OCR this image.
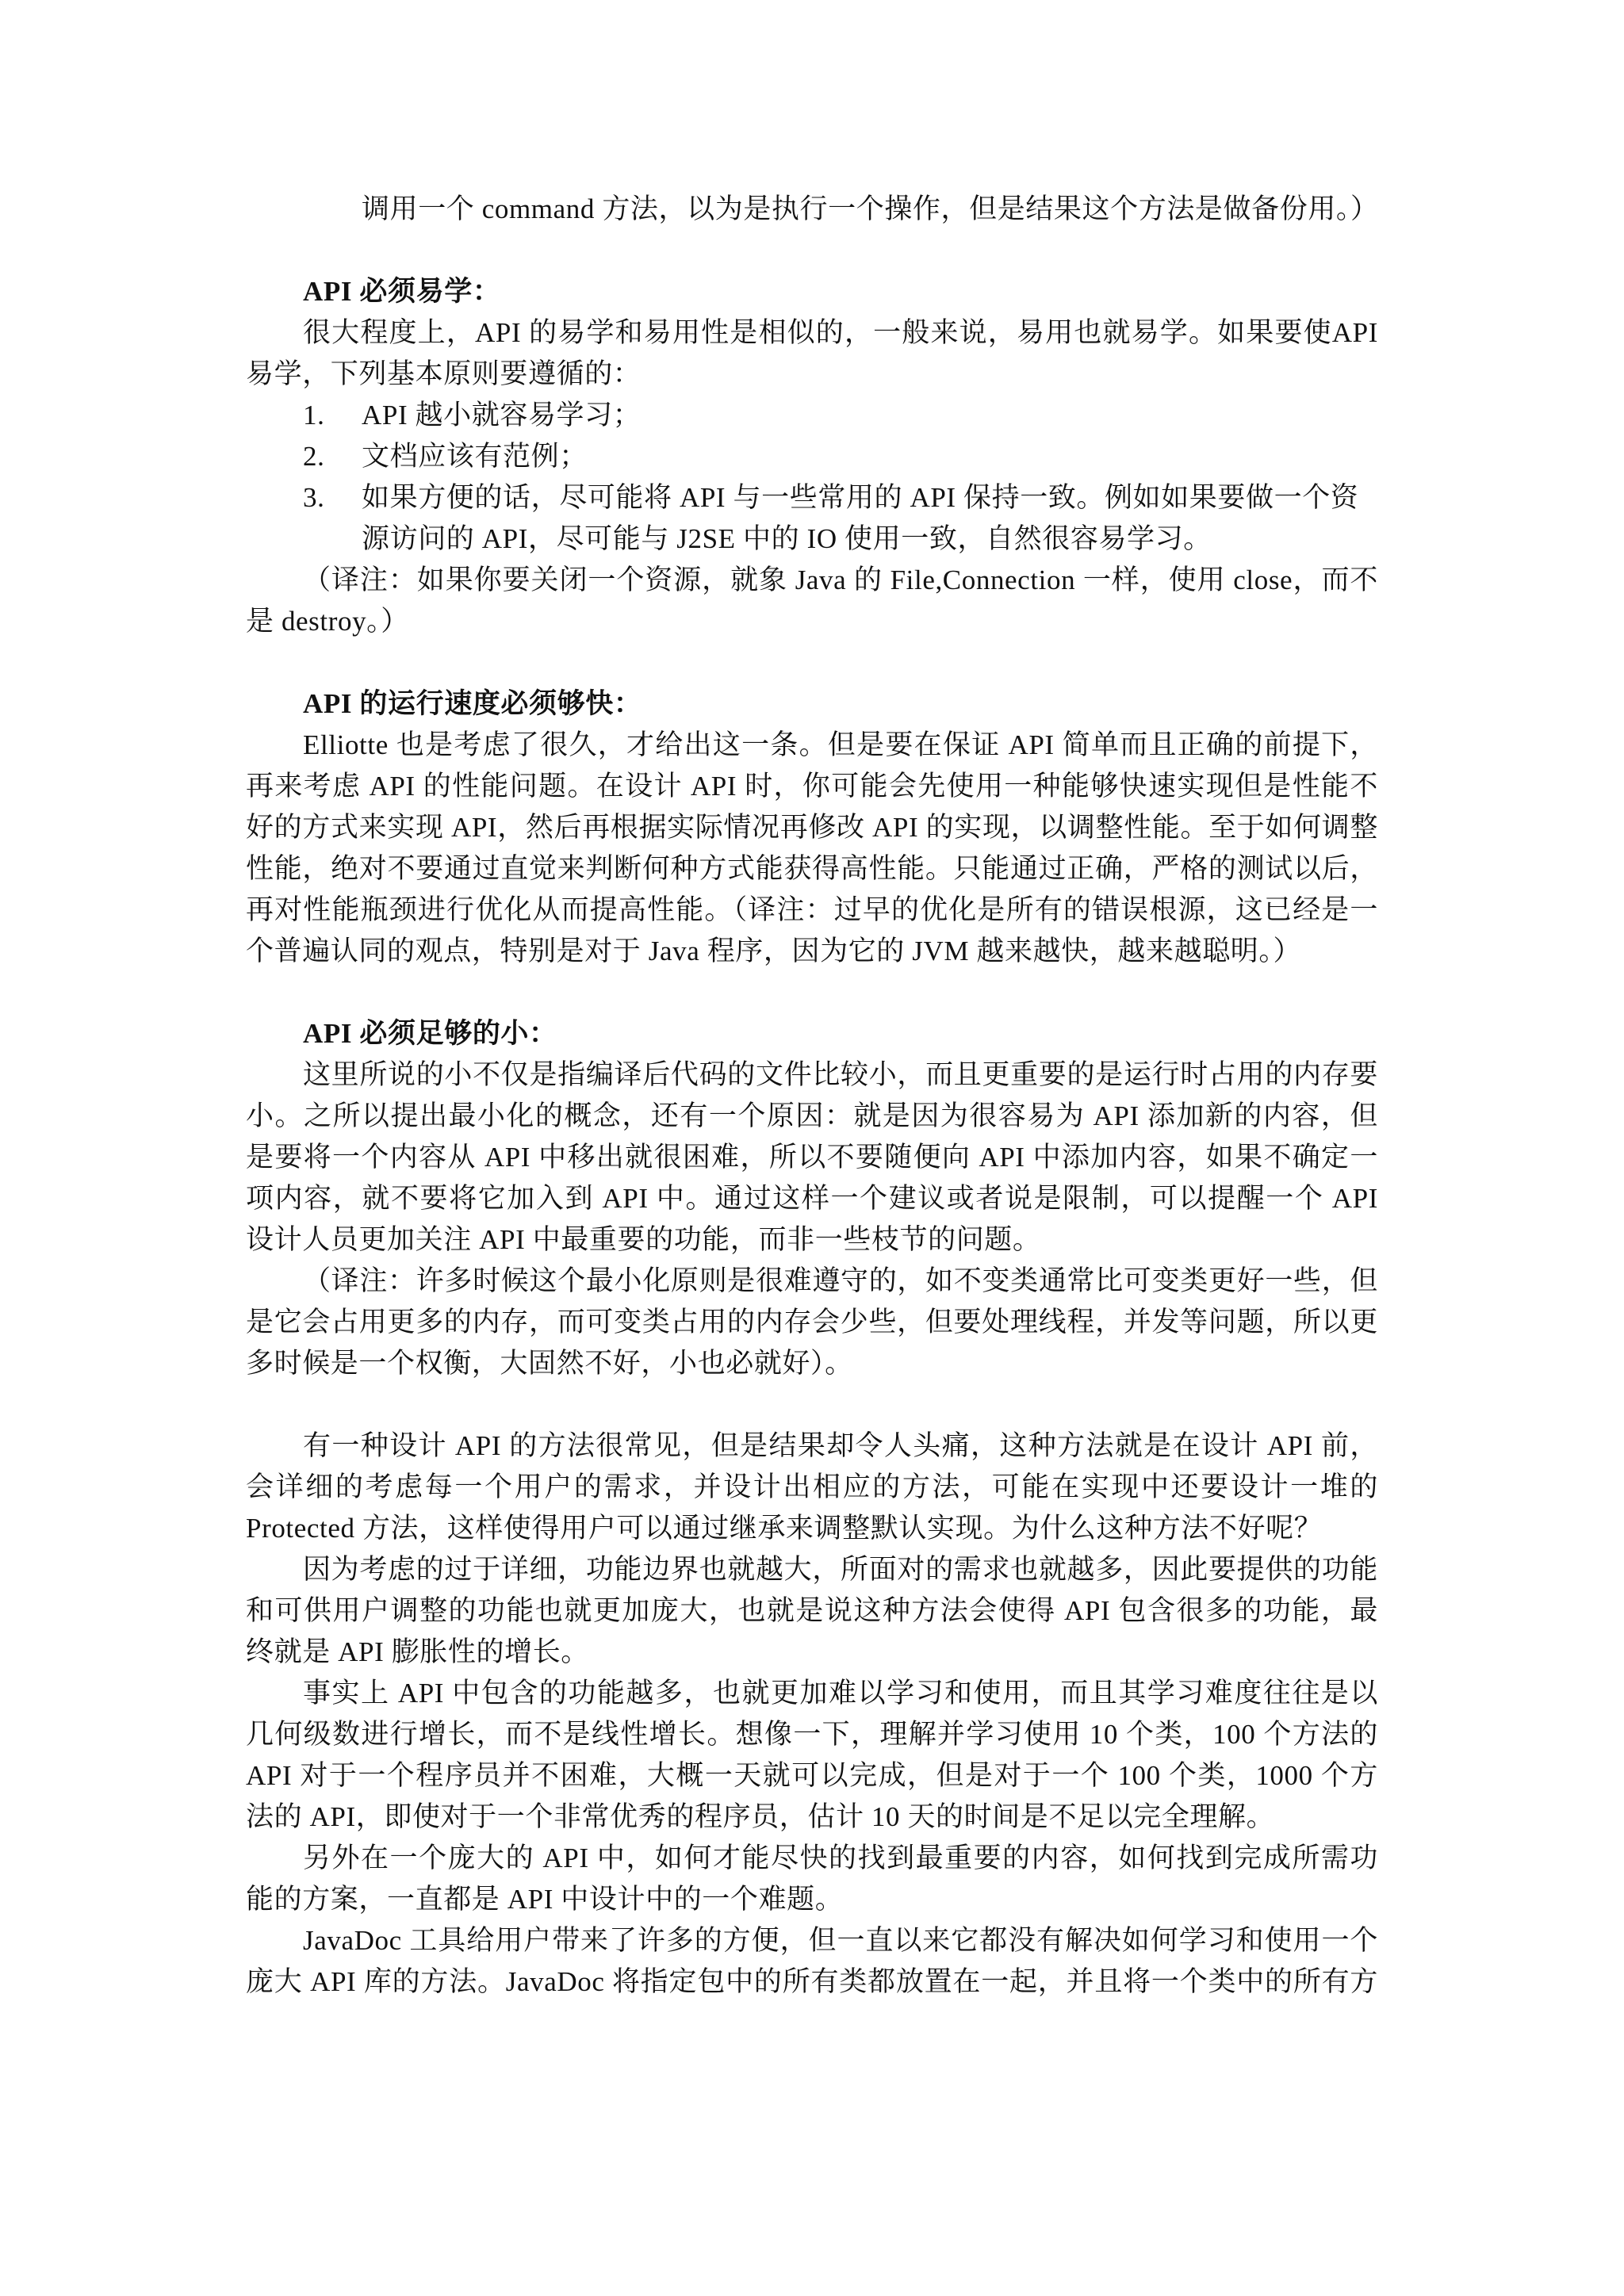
调用一个 command 方法，以为是执行一个操作，但是结果这个方法是做备份用。）
API 必须易学：
很大程度上，API 的易学和易用性是相似的，一般来说，易用也就易学。如果要使API
易学，下列基本原则要遵循的：
1. API 越小就容易学习；
2. 文档应该有范例；
3. 如果方便的话，尽可能将 API 与一些常用的 API 保持一致。例如如果要做一个资
源访问的 API，尽可能与 J2SE 中的 IO 使用一致，自然很容易学习。
（译注：如果你要关闭一个资源，就象 Java 的 File,Connection 一样，使用 close，而不
是 destroy。）
API 的运行速度必须够快：
Elliotte 也是考虑了很久，才给出这一条。但是要在保证 API 简单而且正确的前提下，
再来考虑 API 的性能问题。在设计 API 时，你可能会先使用一种能够快速实现但是性能不
好的方式来实现 API，然后再根据实际情况再修改 API 的实现，以调整性能。至于如何调整
性能，绝对不要通过直觉来判断何种方式能获得高性能。只能通过正确，严格的测试以后，
再对性能瓶颈进行优化从而提高性能。（译注：过早的优化是所有的错误根源，这已经是一
个普遍认同的观点，特别是对于 Java 程序，因为它的 JVM 越来越快，越来越聪明。）
API 必须足够的小：
这里所说的小不仅是指编译后代码的文件比较小，而且更重要的是运行时占用的内存要
小。之所以提出最小化的概念，还有一个原因：就是因为很容易为 API 添加新的内容，但
是要将一个内容从 API 中移出就很困难，所以不要随便向 API 中添加内容，如果不确定一
项内容，就不要将它加入到 API 中。通过这样一个建议或者说是限制，可以提醒一个 API
设计人员更加关注 API 中最重要的功能，而非一些枝节的问题。
（译注：许多时候这个最小化原则是很难遵守的，如不变类通常比可变类更好一些，但
是它会占用更多的内存，而可变类占用的内存会少些，但要处理线程，并发等问题，所以更
多时候是一个权衡，大固然不好，小也必就好）。
有一种设计 API 的方法很常见，但是结果却令人头痛，这种方法就是在设计 API 前，
会详细的考虑每一个用户的需求，并设计出相应的方法，可能在实现中还要设计一堆的
Protected 方法，这样使得用户可以通过继承来调整默认实现。为什么这种方法不好呢？
因为考虑的过于详细，功能边界也就越大，所面对的需求也就越多，因此要提供的功能
和可供用户调整的功能也就更加庞大，也就是说这种方法会使得 API 包含很多的功能，最
终就是 API 膨胀性的增长。
事实上 API 中包含的功能越多，也就更加难以学习和使用，而且其学习难度往往是以
几何级数进行增长，而不是线性增长。想像一下，理解并学习使用 10 个类，100 个方法的
API 对于一个程序员并不困难，大概一天就可以完成，但是对于一个 100 个类，1000 个方
法的 API，即使对于一个非常优秀的程序员，估计 10 天的时间是不足以完全理解。
另外在一个庞大的 API 中，如何才能尽快的找到最重要的内容，如何找到完成所需功
能的方案，一直都是 API 中设计中的一个难题。
JavaDoc 工具给用户带来了许多的方便，但一直以来它都没有解决如何学习和使用一个
庞大 API 库的方法。JavaDoc 将指定包中的所有类都放置在一起，并且将一个类中的所有方
